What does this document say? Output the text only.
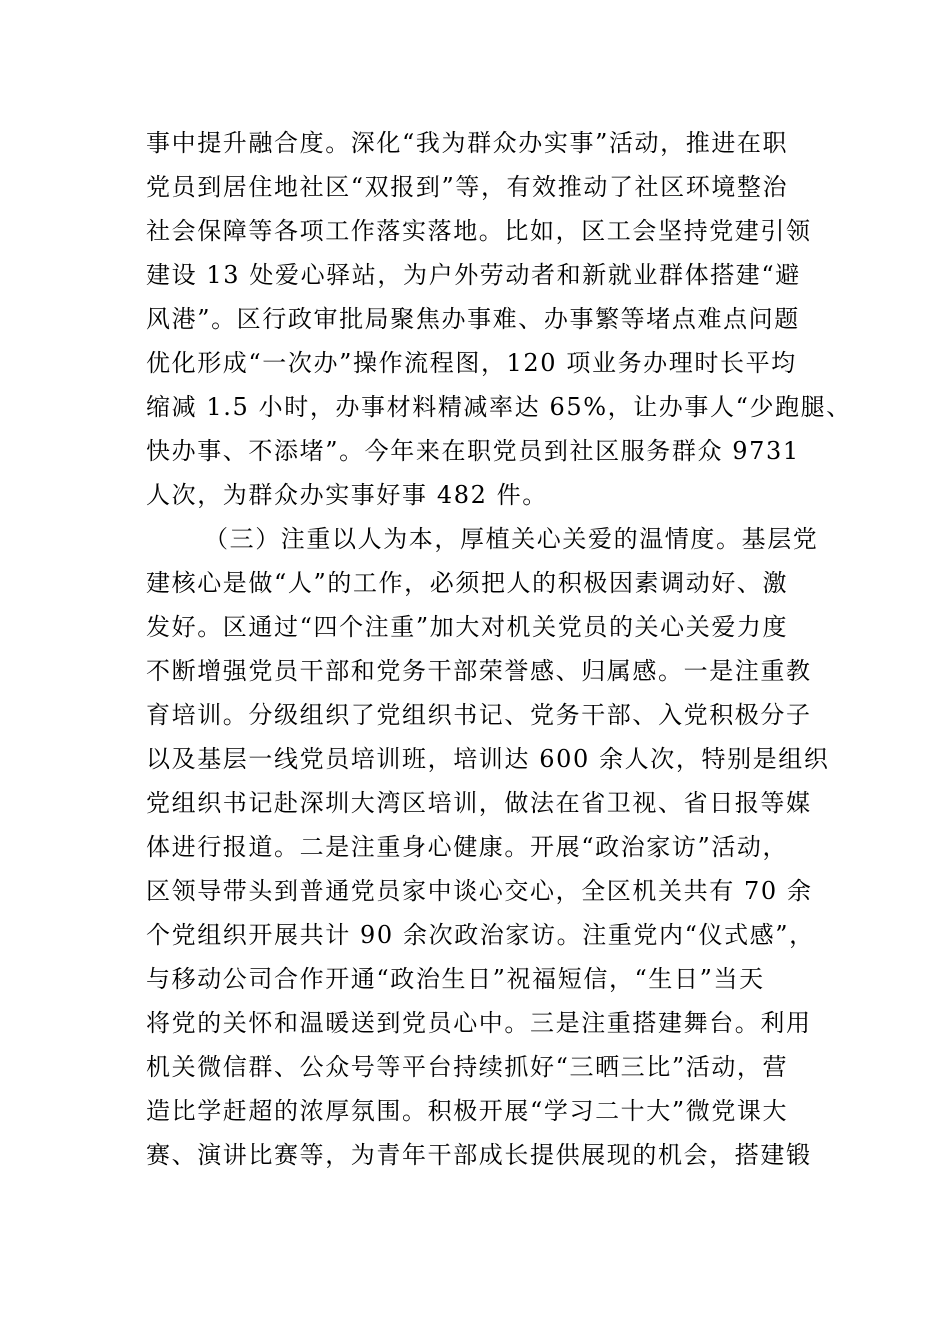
事中提升融合度。深化“我为群众办实事”活动，推进在职
党员到居住地社区“双报到”等，有效推动了社区环境整治
社会保障等各项工作落实落地。比如，区工会坚持党建引领
建设 13 处爱心驿站，为户外劳动者和新就业群体搭建“避
风港”。区行政审批局聚焦办事难、办事繁等堵点难点问题
优化形成“一次办”操作流程图，120 项业务办理时长平均
缩减 1.5 小时，办事材料精减率达 65%，让办事人“少跑腿、
快办事、不添堵”。今年来在职党员到社区服务群众 9731
人次，为群众办实事好事 482 件。
（三）注重以人为本，厚植关心关爱的温情度。基层党
建核心是做“人”的工作，必须把人的积极因素调动好、激
发好。区通过“四个注重”加大对机关党员的关心关爱力度
不断增强党员干部和党务干部荣誉感、归属感。一是注重教
育培训。分级组织了党组织书记、党务干部、入党积极分子
以及基层一线党员培训班，培训达 600 余人次，特别是组织
党组织书记赴深圳大湾区培训，做法在省卫视、省日报等媒
体进行报道。二是注重身心健康。开展“政治家访”活动，
区领导带头到普通党员家中谈心交心，全区机关共有 70 余
个党组织开展共计 90 余次政治家访。注重党内“仪式感”，
与移动公司合作开通“政治生日”祝福短信，“生日”当天
将党的关怀和温暖送到党员心中。三是注重搭建舞台。利用
机关微信群、公众号等平台持续抓好“三晒三比”活动，营
造比学赶超的浓厚氛围。积极开展“学习二十大”微党课大
赛、演讲比赛等，为青年干部成长提供展现的机会，搭建锻
